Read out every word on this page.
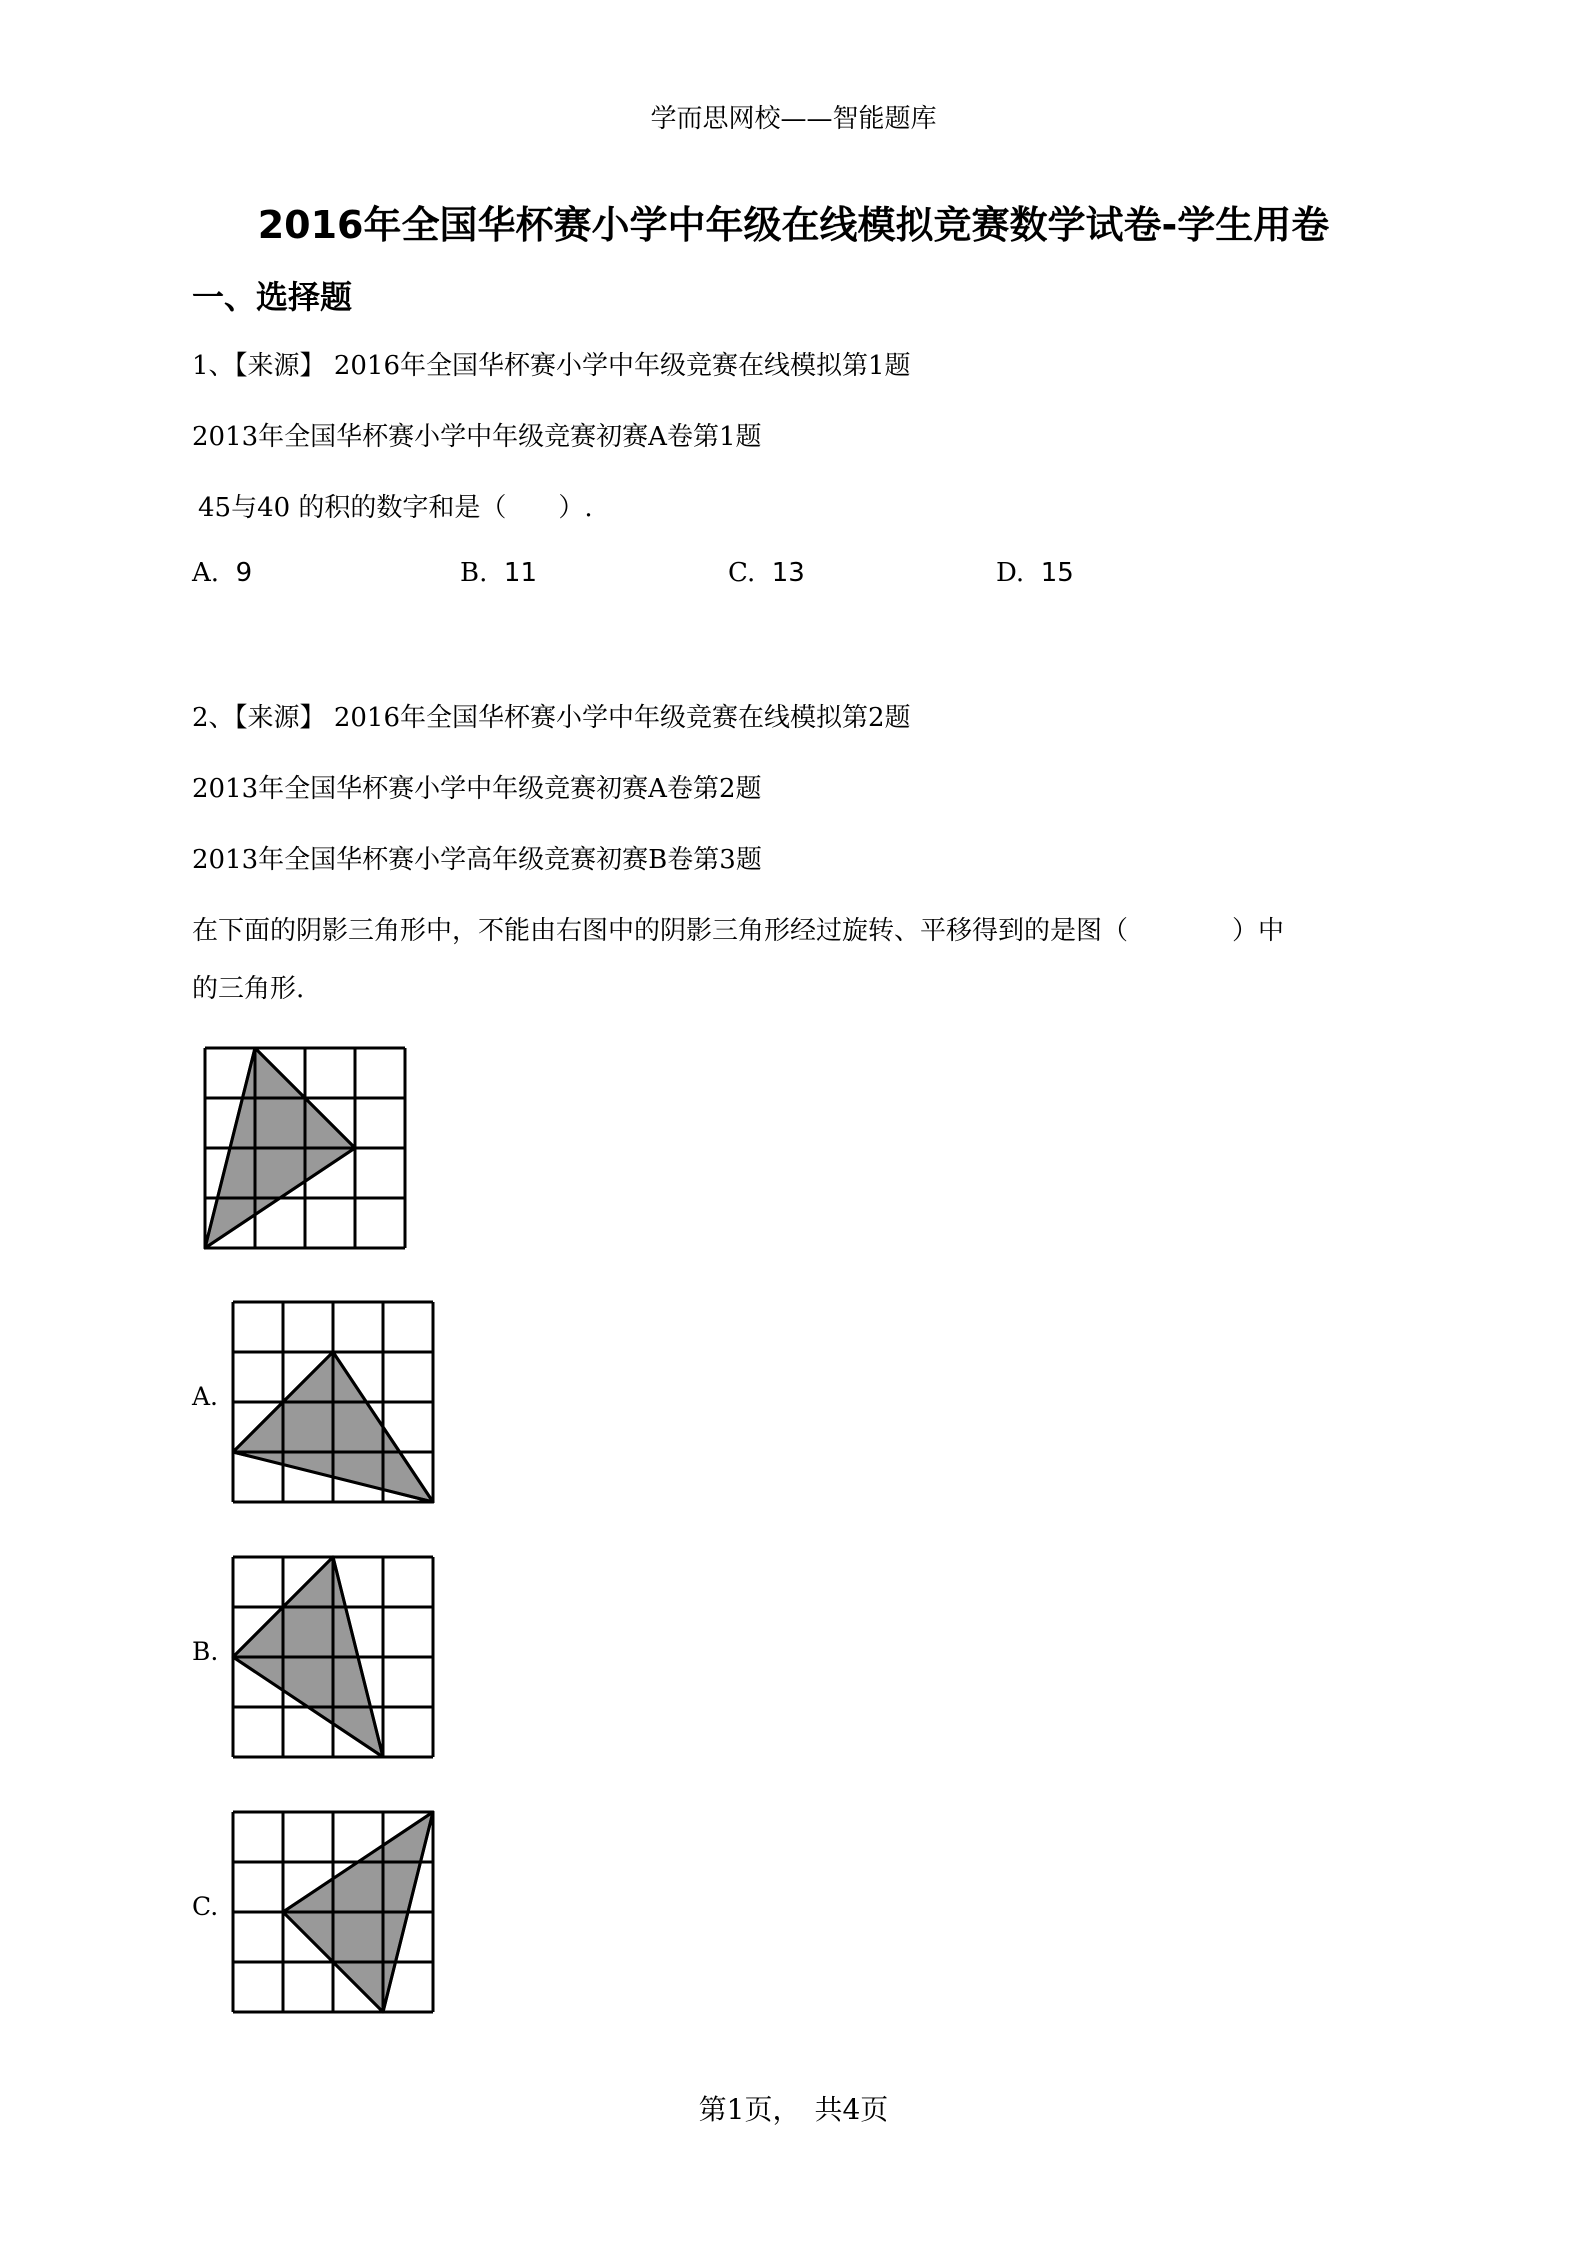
学而思网校——智能题库
2016年全国华杯赛小学中年级在线模拟竞赛数学试卷-学生用卷
一、选择题
1、【来源】 2016年全国华杯赛小学中年级竞赛在线模拟第1题
2013年全国华杯赛小学中年级竞赛初赛A卷第1题
45与40 的积的数字和是（　　）.
A. 9	B. 11	C. 13	D. 15
2、【来源】 2016年全国华杯赛小学中年级竞赛在线模拟第2题
2013年全国华杯赛小学中年级竞赛初赛A卷第2题
2013年全国华杯赛小学高年级竞赛初赛B卷第3题
在下面的阴影三角形中，不能由右图中的阴影三角形经过旋转、平移得到的是图（　　　　）中
的三角形.
A.
B.
C.
第1页，　共4页
